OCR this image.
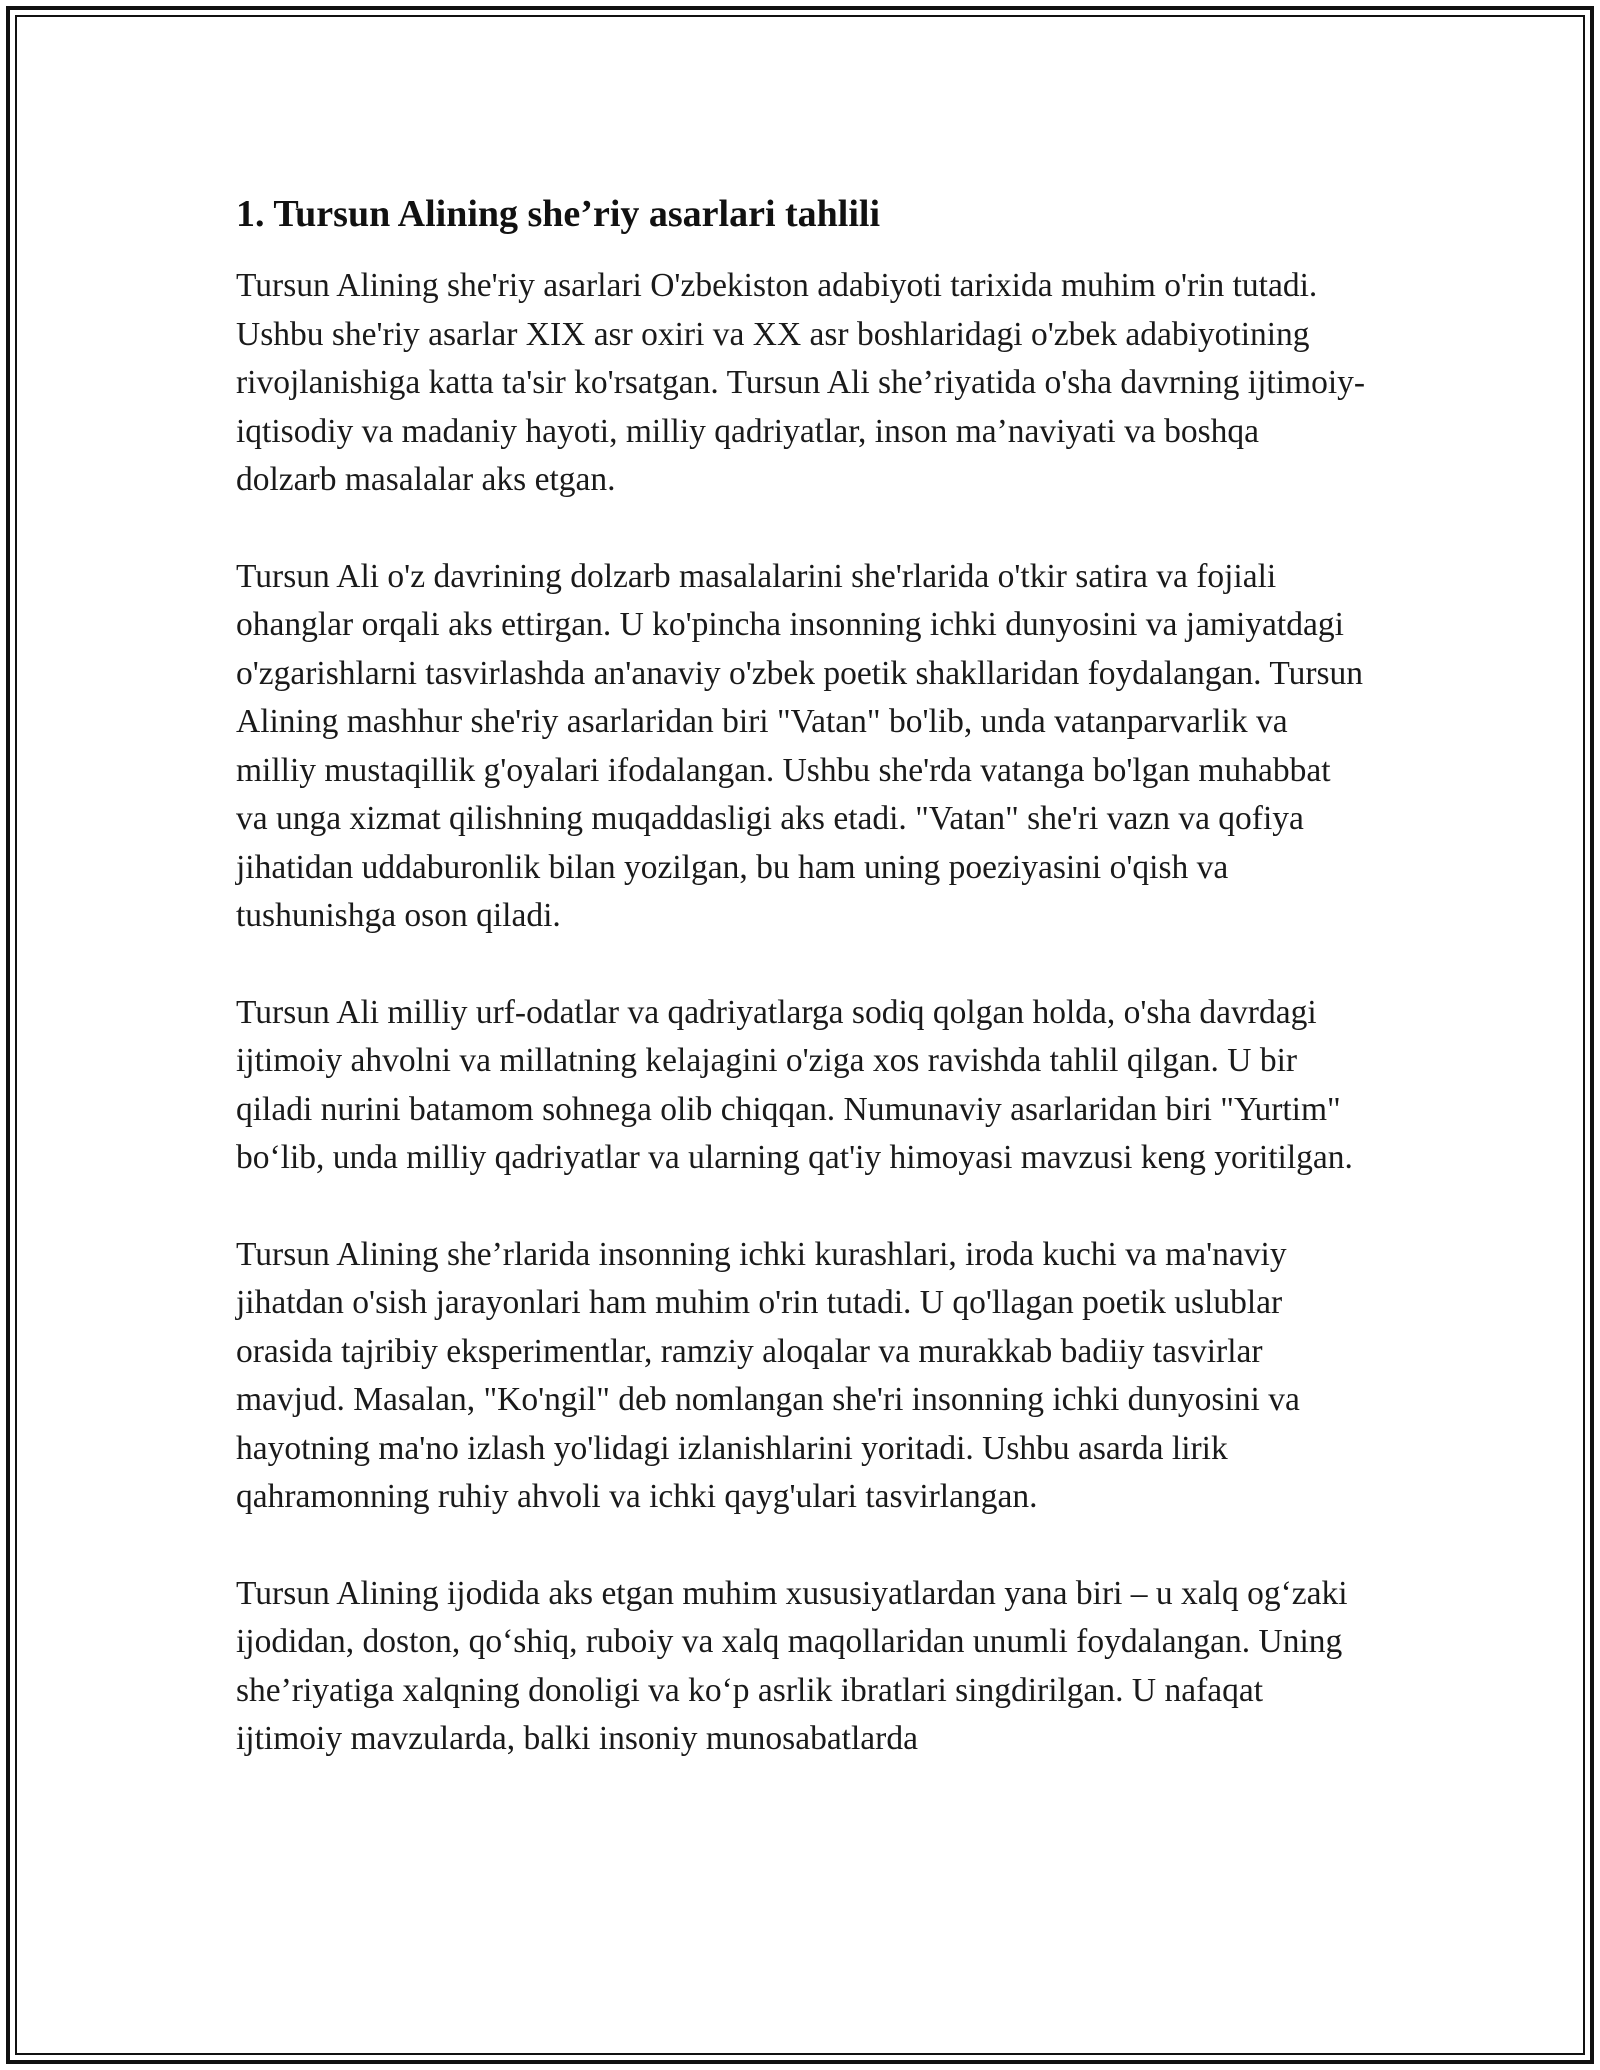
1. Tursun Alining she’riy asarlari tahlili

Tursun Alining she'riy asarlari O'zbekiston adabiyoti tarixida muhim o'rin tutadi. Ushbu she'riy asarlar XIX asr oxiri va XX asr boshlaridagi o'zbek adabiyotining rivojlanishiga katta ta'sir ko'rsatgan. Tursun Ali she’riyatida o'sha davrning ijtimoiy-iqtisodiy va madaniy hayoti, milliy qadriyatlar, inson ma’naviyati va boshqa dolzarb masalalar aks etgan.

Tursun Ali o'z davrining dolzarb masalalarini she'rlarida o'tkir satira va fojiali ohanglar orqali aks ettirgan. U ko'pincha insonning ichki dunyosini va jamiyatdagi o'zgarishlarni tasvirlashda an'anaviy o'zbek poetik shakllaridan foydalangan. Tursun Alining mashhur she'riy asarlaridan biri "Vatan" bo'lib, unda vatanparvarlik va milliy mustaqillik g'oyalari ifodalangan. Ushbu she'rda vatanga bo'lgan muhabbat va unga xizmat qilishning muqaddasligi aks etadi. "Vatan" she'ri vazn va qofiya jihatidan uddaburonlik bilan yozilgan, bu ham uning poeziyasini o'qish va tushunishga oson qiladi.

Tursun Ali milliy urf-odatlar va qadriyatlarga sodiq qolgan holda, o'sha davrdagi ijtimoiy ahvolni va millatning kelajagini o'ziga xos ravishda tahlil qilgan. U bir qiladi nurini batamom sohnega olib chiqqan. Numunaviy asarlaridan biri "Yurtim" bo‘lib, unda milliy qadriyatlar va ularning qat'iy himoyasi mavzusi keng yoritilgan.

Tursun Alining she’rlarida insonning ichki kurashlari, iroda kuchi va ma'naviy jihatdan o'sish jarayonlari ham muhim o'rin tutadi. U qo'llagan poetik uslublar orasida tajribiy eksperimentlar, ramziy aloqalar va murakkab badiiy tasvirlar mavjud. Masalan, "Ko'ngil" deb nomlangan she'ri insonning ichki dunyosini va hayotning ma'no izlash yo'lidagi izlanishlarini yoritadi. Ushbu asarda lirik qahramonning ruhiy ahvoli va ichki qayg'ulari tasvirlangan.

Tursun Alining ijodida aks etgan muhim xususiyatlardan yana biri – u xalq og‘zaki ijodidan, doston, qo‘shiq, ruboiy va xalq maqollaridan unumli foydalangan. Uning she’riyatiga xalqning donoligi va ko‘p asrlik ibratlari singdirilgan. U nafaqat ijtimoiy mavzularda, balki insoniy munosabatlarda
